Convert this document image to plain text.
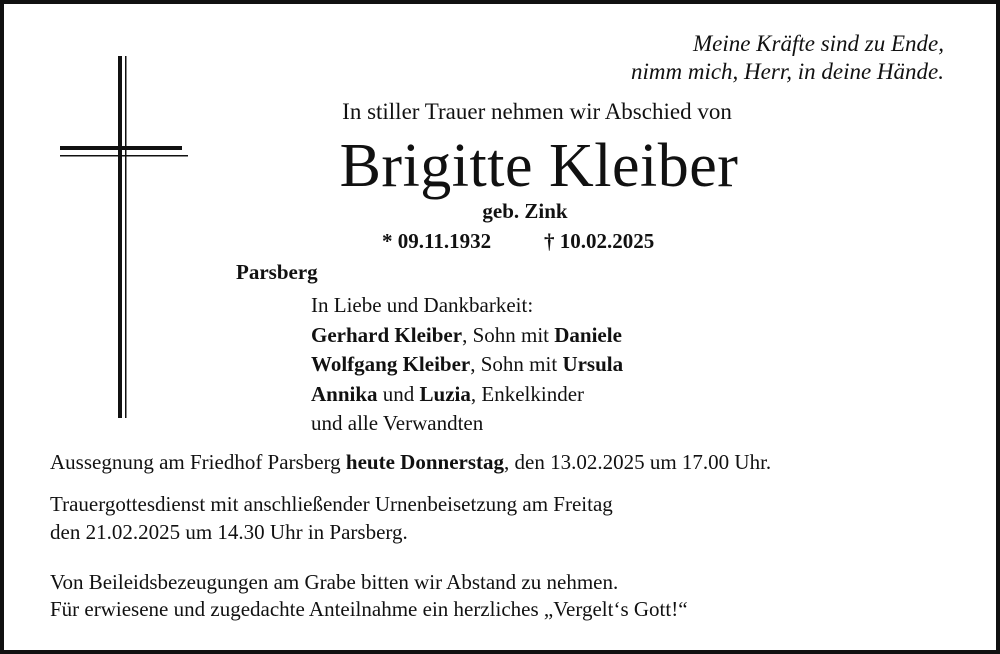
Meine Kräfte sind zu Ende,
nimm mich, Herr, in deine Hände.
In stiller Trauer nehmen wir Abschied von
Brigitte Kleiber
geb. Zink
* 09.11.1932	† 10.02.2025
Parsberg
In Liebe und Dankbarkeit:
Gerhard Kleiber, Sohn mit Daniele
Wolfgang Kleiber, Sohn mit Ursula
Annika und Luzia, Enkelkinder
und alle Verwandten
Aussegnung am Friedhof Parsberg heute Donnerstag, den 13.02.2025 um 17.00 Uhr.
Trauergottesdienst mit anschließender Urnenbeisetzung am Freitag
den 21.02.2025 um 14.30 Uhr in Parsberg.
Von Beileidsbezeugungen am Grabe bitten wir Abstand zu nehmen.
Für erwiesene und zugedachte Anteilnahme ein herzliches „Vergelt‘s Gott!“
